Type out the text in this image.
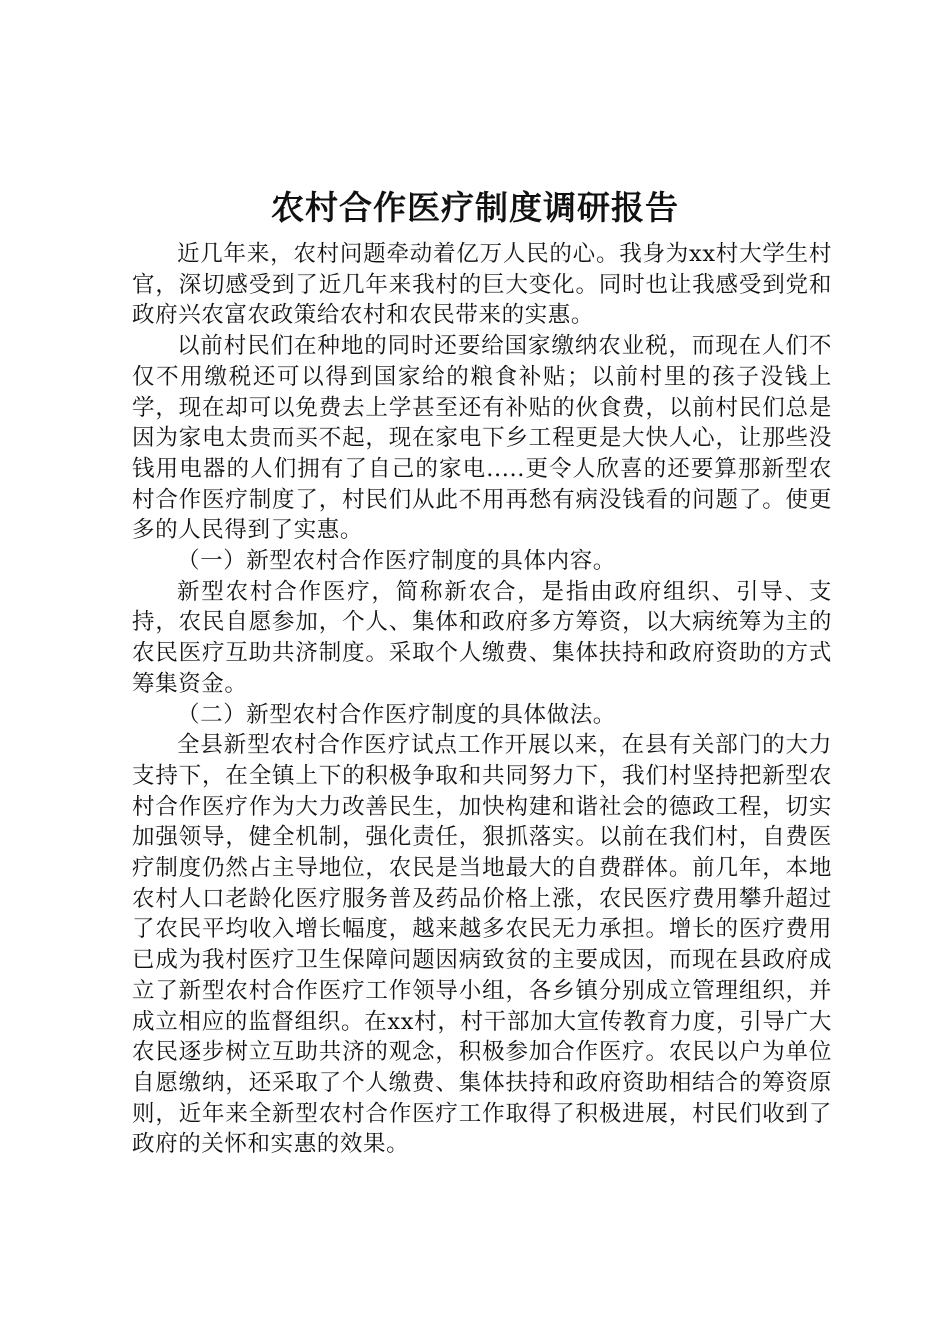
农村合作医疗制度调研报告

近几年来，农村问题牵动着亿万人民的心。我身为xx村大学生村官，深切感受到了近几年来我村的巨大变化。同时也让我感受到党和政府兴农富农政策给农村和农民带来的实惠。

以前村民们在种地的同时还要给国家缴纳农业税，而现在人们不仅不用缴税还可以得到国家给的粮食补贴；以前村里的孩子没钱上学，现在却可以免费去上学甚至还有补贴的伙食费，以前村民们总是因为家电太贵而买不起，现在家电下乡工程更是大快人心，让那些没钱用电器的人们拥有了自己的家电.....更令人欣喜的还要算那新型农村合作医疗制度了，村民们从此不用再愁有病没钱看的问题了。使更多的人民得到了实惠。

（一）新型农村合作医疗制度的具体内容。

新型农村合作医疗，简称新农合，是指由政府组织、引导、支持，农民自愿参加，个人、集体和政府多方筹资，以大病统筹为主的农民医疗互助共济制度。采取个人缴费、集体扶持和政府资助的方式筹集资金。

（二）新型农村合作医疗制度的具体做法。

全县新型农村合作医疗试点工作开展以来，在县有关部门的大力支持下，在全镇上下的积极争取和共同努力下，我们村坚持把新型农村合作医疗作为大力改善民生，加快构建和谐社会的德政工程，切实加强领导，健全机制，强化责任，狠抓落实。以前在我们村，自费医疗制度仍然占主导地位，农民是当地最大的自费群体。前几年，本地农村人口老龄化医疗服务普及药品价格上涨，农民医疗费用攀升超过了农民平均收入增长幅度，越来越多农民无力承担。增长的医疗费用已成为我村医疗卫生保障问题因病致贫的主要成因，而现在县政府成立了新型农村合作医疗工作领导小组，各乡镇分别成立管理组织，并成立相应的监督组织。在xx村，村干部加大宣传教育力度，引导广大农民逐步树立互助共济的观念，积极参加合作医疗。农民以户为单位自愿缴纳，还采取了个人缴费、集体扶持和政府资助相结合的筹资原则，近年来全新型农村合作医疗工作取得了积极进展，村民们收到了政府的关怀和实惠的效果。
